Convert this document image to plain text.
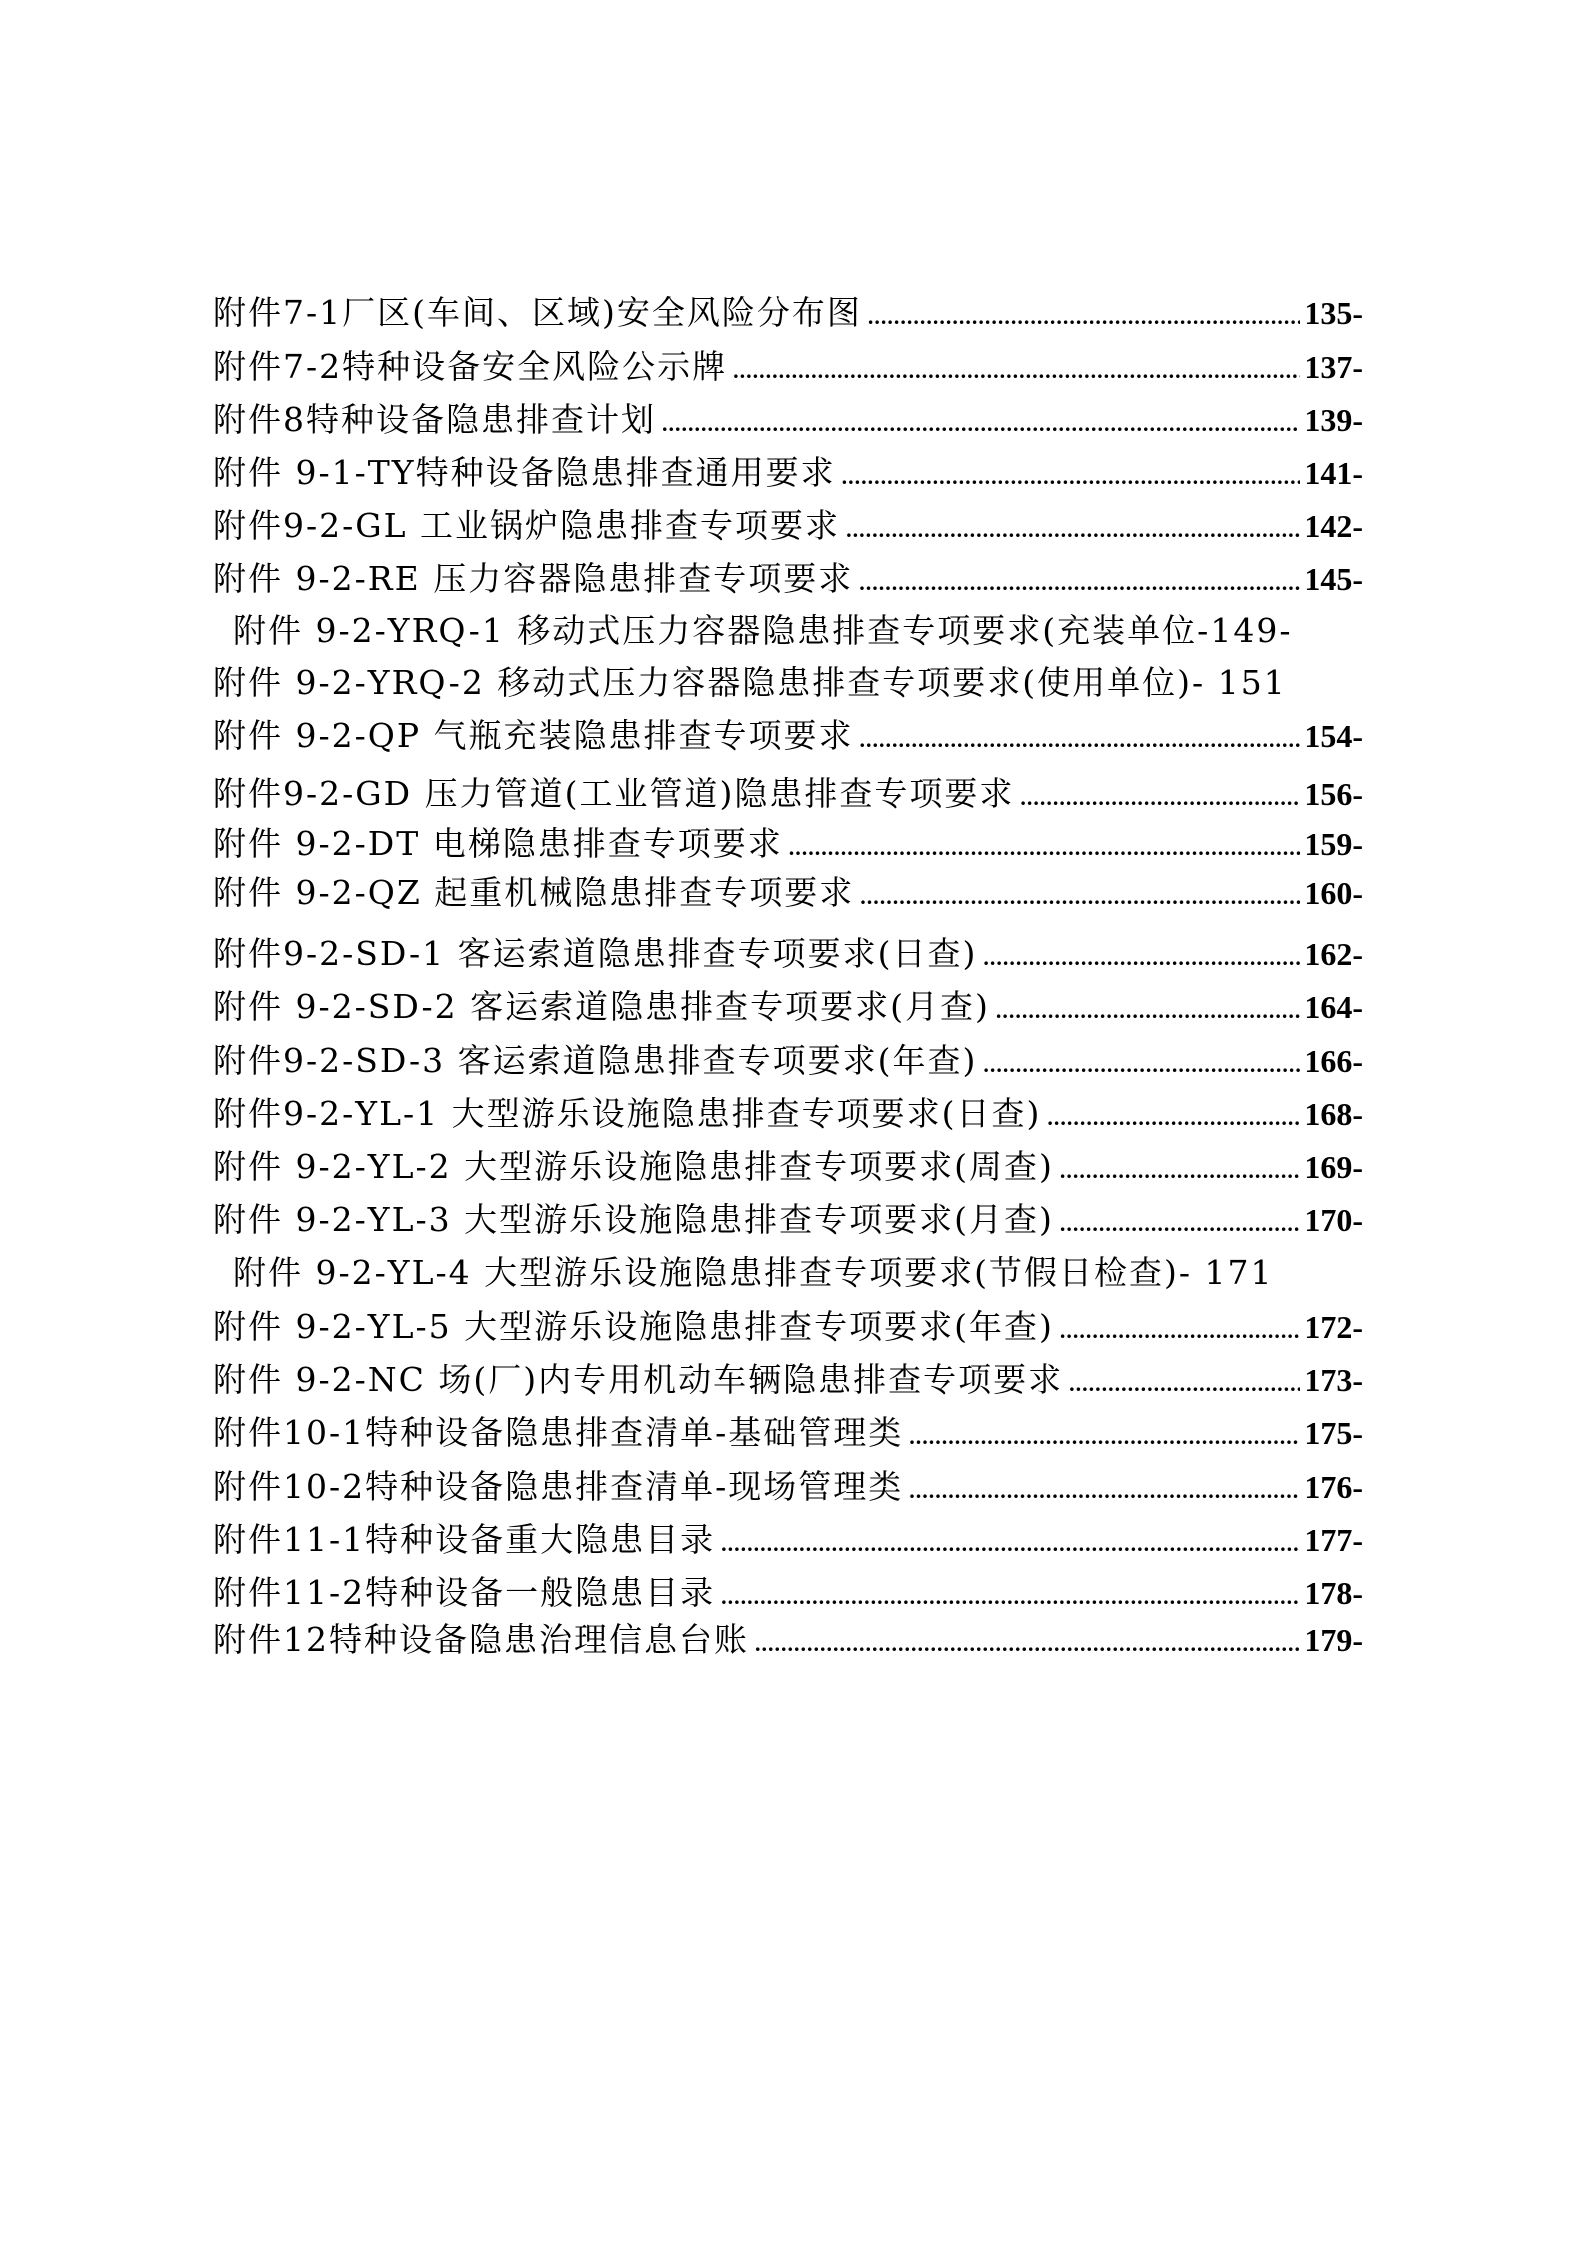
附件7-1厂区(车间、区域)安全风险分布图 .....	135-
附件7-2特种设备安全风险公示牌 .....	137-
附件8特种设备隐患排查计划 .....	139-
附件 9-1-TY特种设备隐患排查通用要求 .....	141-
附件9-2-GL 工业锅炉隐患排查专项要求 .....	142-
附件 9-2-RE 压力容器隐患排查专项要求 .....	145-
附件 9-2-YRQ-1 移动式压力容器隐患排查专项要求(充装单位-149-
附件 9-2-YRQ-2 移动式压力容器隐患排查专项要求(使用单位)- 151
附件 9-2-QP 气瓶充装隐患排查专项要求 .....	154-
附件9-2-GD 压力管道(工业管道)隐患排查专项要求 .....	156-
附件 9-2-DT 电梯隐患排查专项要求 .....	159-
附件 9-2-QZ 起重机械隐患排查专项要求 .....	160-
附件9-2-SD-1 客运索道隐患排查专项要求(日查) .....	162-
附件 9-2-SD-2 客运索道隐患排查专项要求(月查) .....	164-
附件9-2-SD-3 客运索道隐患排查专项要求(年查) .....	166-
附件9-2-YL-1 大型游乐设施隐患排查专项要求(日查) .....	168-
附件 9-2-YL-2 大型游乐设施隐患排查专项要求(周查) .....	169-
附件 9-2-YL-3 大型游乐设施隐患排查专项要求(月查) .....	170-
附件 9-2-YL-4 大型游乐设施隐患排查专项要求(节假日检查)- 171
附件 9-2-YL-5 大型游乐设施隐患排查专项要求(年查) .....	172-
附件 9-2-NC 场(厂)内专用机动车辆隐患排查专项要求 .....	173-
附件10-1特种设备隐患排查清单-基础管理类 .....	175-
附件10-2特种设备隐患排查清单-现场管理类 .....	176-
附件11-1特种设备重大隐患目录 .....	177-
附件11-2特种设备一般隐患目录 .....	178-
附件12特种设备隐患治理信息台账 .....	179-
